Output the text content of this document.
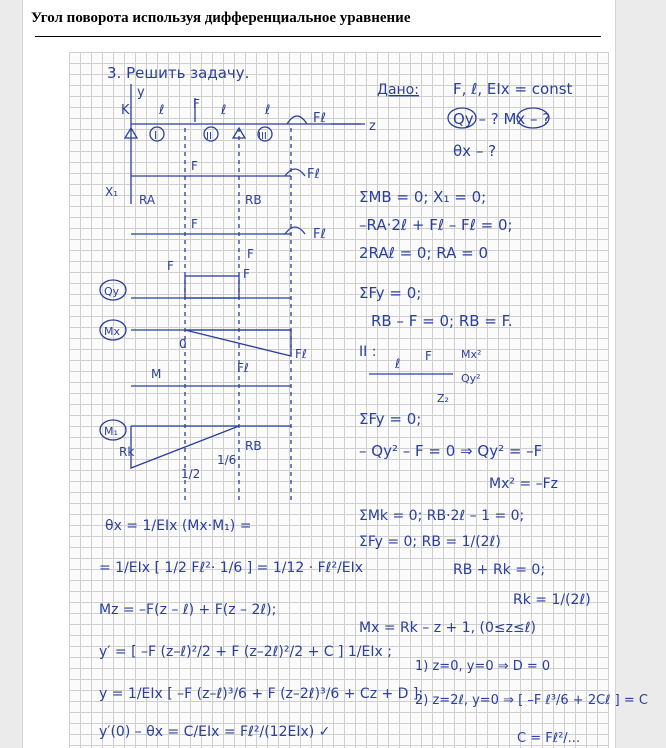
Угол поворота используя дифференциальное уравнение
3. Решить задачу.
Дано: F, ℓ, EIx = const
Qy – ? Mx – ?
θx – ?
y
K
z
ℓ	ℓ	ℓ
F
I	II	III
Fℓ
F
Fℓ
X₁
RA	RB
F
Fℓ
F
Qy
F
F
Mx
0
Fℓ
Fℓ
M
M₁
Rk
1/2
1/6
RB
ΣMB = 0; X₁ = 0;
–RA·2ℓ + Fℓ – Fℓ = 0;
2RAℓ = 0; RA = 0
ΣFy = 0;
RB – F = 0; RB = F.
II :
ℓ
F	Mx²
Qy²
Z₂
ΣFy = 0;
– Qy² – F = 0 ⇒ Qy² = –F
Mx² = –Fz
ΣMk = 0; RB·2ℓ – 1 = 0;
ΣFy = 0; RB = 1/(2ℓ)
RB + Rk = 0;
Rk = 1/(2ℓ)
θx = 1/EIx (Mx·M₁) =
= 1/EIx [ 1/2 Fℓ²· 1/6 ] = 1/12 · Fℓ²/EIx
Mz = –F(z – ℓ) + F(z – 2ℓ);
Mx = Rk – z + 1, (0≤z≤ℓ)
y′ = [ –F (z–ℓ)²/2 + F (z–2ℓ)²/2 + C ] 1/EIx ;
1) z=0, y=0 ⇒ D = 0
y = 1/EIx [ –F (z–ℓ)³/6 + F (z–2ℓ)³/6 + Cz + D ];
2) z=2ℓ, y=0 ⇒ [ –F ℓ³/6 + 2Cℓ ] = C
y′(0) – θx = C/EIx = Fℓ²/(12EIx) ✓	C = Fℓ²/...
